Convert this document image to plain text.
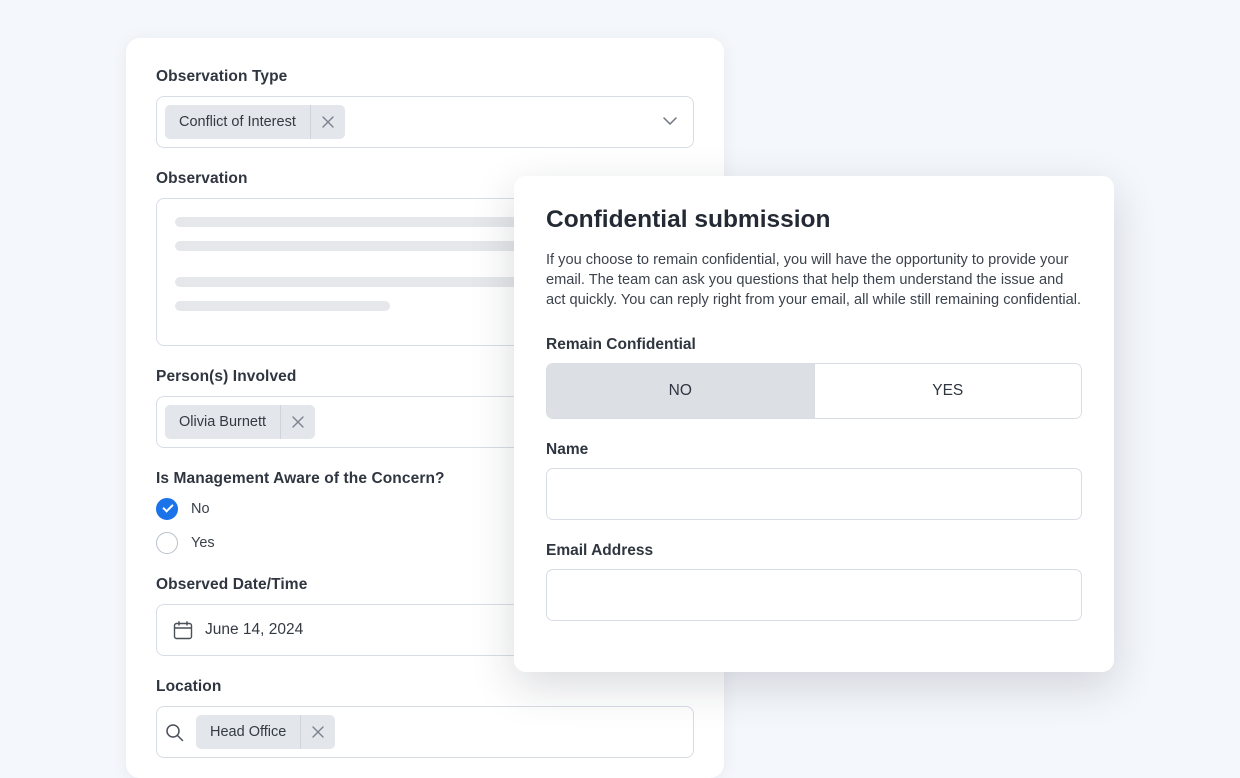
Observation Type
Conflict of Interest
Observation
Person(s) Involved
Olivia Burnett
Is Management Aware of the Concern?
No
Yes
Observed Date/Time
June 14, 2024
Location
Head Office
Confidential submission

If you choose to remain confidential, you will have the opportunity to provide your email. The team can ask you questions that help them understand the issue and act quickly. You can reply right from your email, all while still remaining confidential.

Remain Confidential
NO	YES
Name
Email Address
